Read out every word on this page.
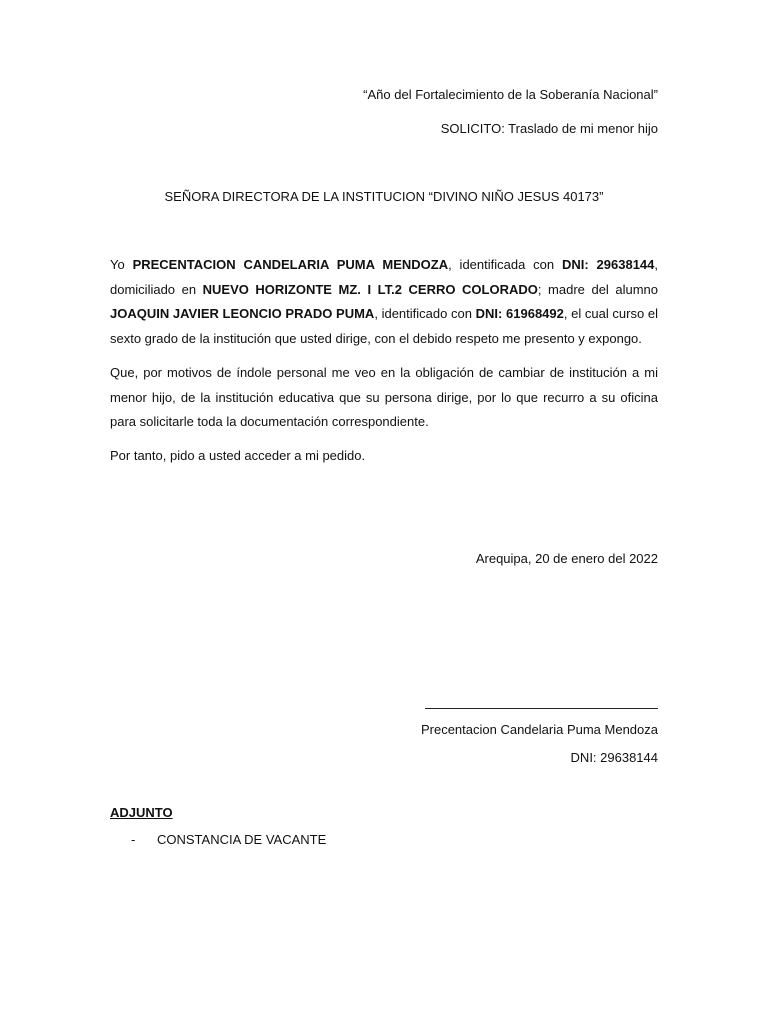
“Año del Fortalecimiento de la Soberanía Nacional”
SOLICITO: Traslado de mi menor hijo
SEÑORA DIRECTORA DE LA INSTITUCION “DIVINO NIÑO JESUS 40173”

Yo PRECENTACION CANDELARIA PUMA MENDOZA, identificada con DNI: 29638144, domiciliado en NUEVO HORIZONTE MZ. I LT.2 CERRO COLORADO; madre del alumno JOAQUIN JAVIER LEONCIO PRADO PUMA, identificado con DNI: 61968492, el cual curso el sexto grado de la institución que usted dirige, con el debido respeto me presento y expongo.

Que, por motivos de índole personal me veo en la obligación de cambiar de institución a mi menor hijo, de la institución educativa que su persona dirige, por lo que recurro a su oficina para solicitarle toda la documentación correspondiente.

Por tanto, pido a usted acceder a mi pedido.

Arequipa, 20 de enero del 2022
Precentacion Candelaria Puma Mendoza
DNI: 29638144
ADJUNTO
- CONSTANCIA DE VACANTE
